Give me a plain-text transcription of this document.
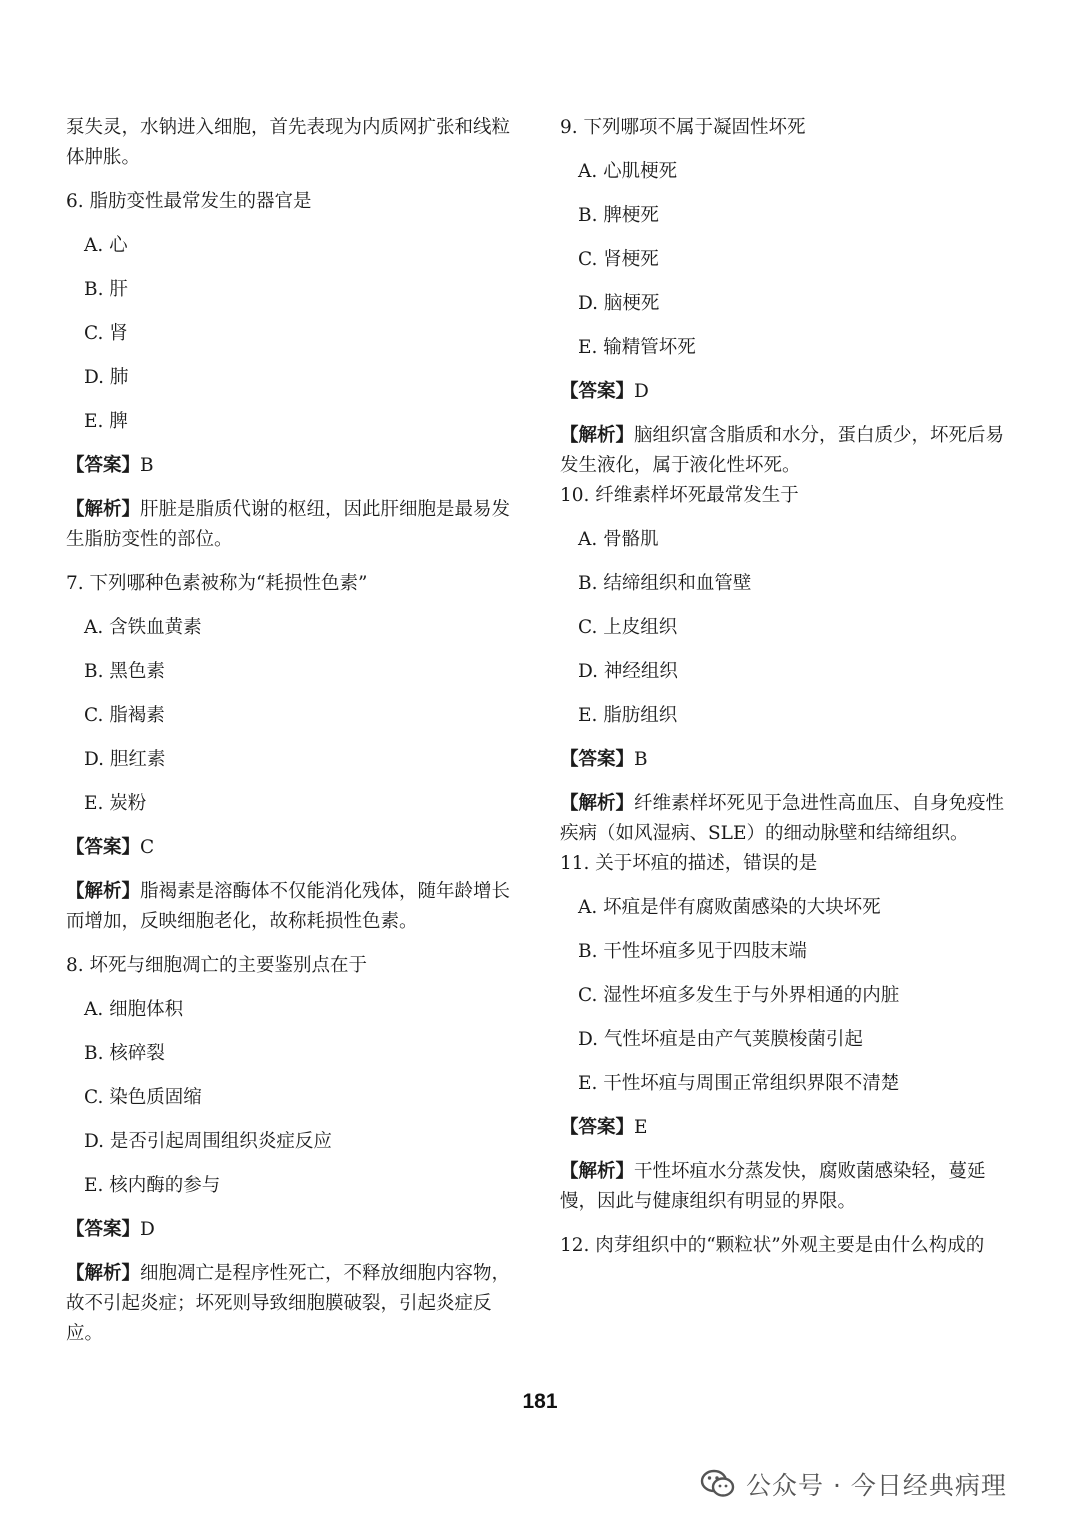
泵失灵，水钠进入细胞，首先表现为内质网扩张和线粒体肿胀。

6. 脂肪变性最常发生的器官是

A. 心

B. 肝

C. 肾

D. 肺

E. 脾

【答案】B

【解析】肝脏是脂质代谢的枢纽，因此肝细胞是最易发生脂肪变性的部位。

7. 下列哪种色素被称为“耗损性色素”

A. 含铁血黄素

B. 黑色素

C. 脂褐素

D. 胆红素

E. 炭粉

【答案】C

【解析】脂褐素是溶酶体不仅能消化残体，随年龄增长而增加，反映细胞老化，故称耗损性色素。

8. 坏死与细胞凋亡的主要鉴别点在于

A. 细胞体积

B. 核碎裂

C. 染色质固缩

D. 是否引起周围组织炎症反应

E. 核内酶的参与

【答案】D

【解析】细胞凋亡是程序性死亡，不释放细胞内容物，故不引起炎症；坏死则导致细胞膜破裂，引起炎症反应。

9. 下列哪项不属于凝固性坏死

A. 心肌梗死

B. 脾梗死

C. 肾梗死

D. 脑梗死

E. 输精管坏死

【答案】D

【解析】脑组织富含脂质和水分，蛋白质少，坏死后易发生液化，属于液化性坏死。

10. 纤维素样坏死最常发生于

A. 骨骼肌

B. 结缔组织和血管壁

C. 上皮组织

D. 神经组织

E. 脂肪组织

【答案】B

【解析】纤维素样坏死见于急进性高血压、自身免疫性疾病（如风湿病、SLE）的细动脉壁和结缔组织。

11. 关于坏疽的描述，错误的是

A. 坏疽是伴有腐败菌感染的大块坏死

B. 干性坏疽多见于四肢末端

C. 湿性坏疽多发生于与外界相通的内脏

D. 气性坏疽是由产气荚膜梭菌引起

E. 干性坏疽与周围正常组织界限不清楚

【答案】E

【解析】干性坏疽水分蒸发快，腐败菌感染轻，蔓延慢，因此与健康组织有明显的界限。

12. 肉芽组织中的“颗粒状”外观主要是由什么构成的

181
公众号 · 今日经典病理
